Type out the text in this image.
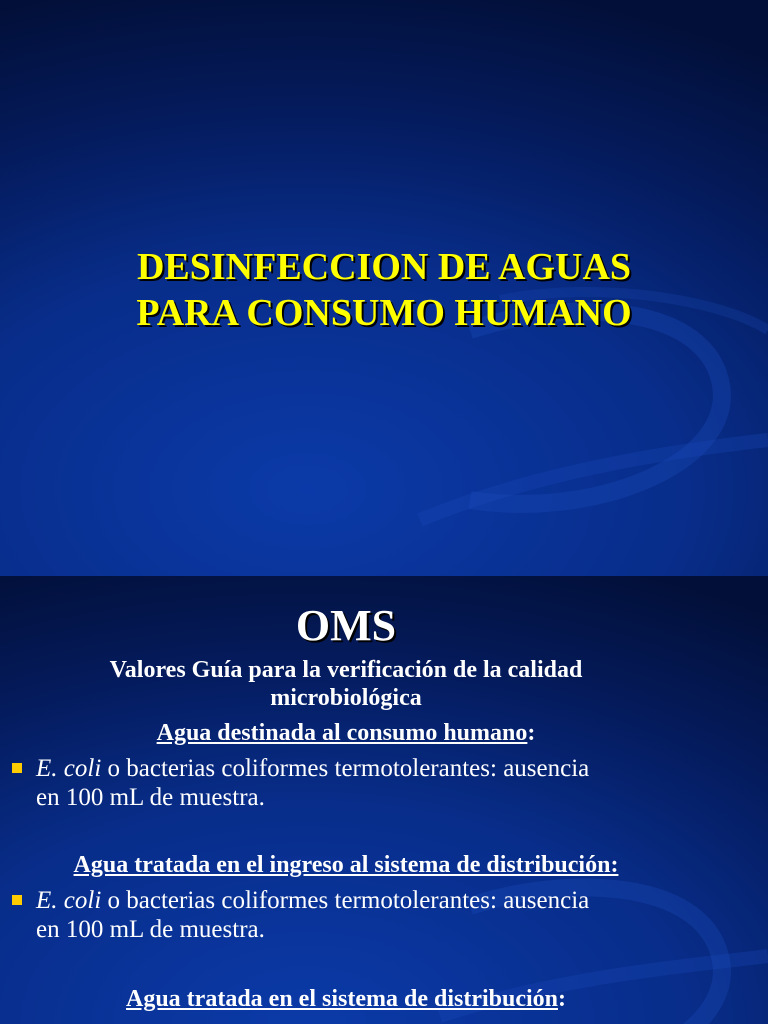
DESINFECCION DE AGUAS
PARA CONSUMO HUMANO
OMS

Valores Guía para la verificación de la calidad
microbiológica

Agua destinada al consumo humano:

E. coli o bacterias coliformes termotolerantes: ausencia
en 100 mL de muestra.

Agua tratada en el ingreso al sistema de distribución:

E. coli o bacterias coliformes termotolerantes: ausencia
en 100 mL de muestra.

Agua tratada en el sistema de distribución:
